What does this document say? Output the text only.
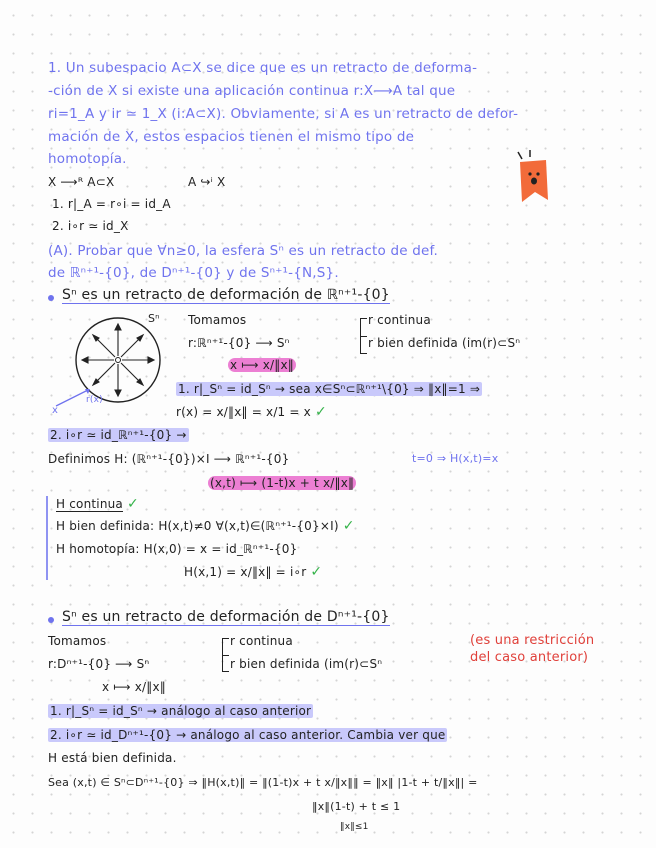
1. Un subespacio A⊂X se dice que es un retracto de deforma-
-ción de X si existe una aplicación continua r:X⟶A tal que
ri=1_A y ir ≃ 1_X (i:A⊂X). Obviamente, si A es un retracto de defor-
mación de X, estos espacios tienen el mismo tipo de
homotopía.
X ⟶ᴿ A⊂X	A ↪ⁱ X
1. r|_A = r∘i = id_A
2. i∘r ≃ id_X
(A). Probar que ∀n≥0, la esfera Sⁿ es un retracto de def.
de ℝⁿ⁺¹-{0}, de Dⁿ⁺¹-{0} y de Sⁿ⁺¹-{N,S}.
Sⁿ es un retracto de deformación de ℝⁿ⁺¹-{0}
Sⁿ
r(x)
x
Tomamos
r:ℝⁿ⁺¹-{0} ⟶ Sⁿ
x ⟼ x/‖x‖
r continua
r bien definida (im(r)⊂Sⁿ
1. r|_Sⁿ = id_Sⁿ → sea x∈Sⁿ⊂ℝⁿ⁺¹\{0} ⇒ ‖x‖=1 ⇒
r(x) = x/‖x‖ = x/1 = x ✓
2. i∘r ≃ id_ℝⁿ⁺¹-{0} →
Definimos H: (ℝⁿ⁺¹-{0})×I ⟶ ℝⁿ⁺¹-{0}
(x,t) ⟼ (1-t)x + t x/‖x‖
t=0 ⇒ H(x,t)=x
H continua ✓
H bien definida: H(x,t)≠0 ∀(x,t)∈(ℝⁿ⁺¹-{0}×I) ✓
H homotopía: H(x,0) = x = id_ℝⁿ⁺¹-{0}
H(x,1) = x/‖x‖ = i∘r ✓
Sⁿ es un retracto de deformación de Dⁿ⁺¹-{0}
Tomamos
r:Dⁿ⁺¹-{0} ⟶ Sⁿ
x ⟼ x/‖x‖
r continua
r bien definida (im(r)⊂Sⁿ
(es una restricción
del caso anterior)
1. r|_Sⁿ = id_Sⁿ → análogo al caso anterior
2. i∘r ≃ id_Dⁿ⁺¹-{0} → análogo al caso anterior. Cambia ver que
H está bien definida.
Sea (x,t) ∈ Sⁿ⊂Dⁿ⁺¹-{0} ⇒ ‖H(x,t)‖ = ‖(1-t)x + t x/‖x‖‖ = ‖x‖ |1-t + t/‖x‖| =
‖x‖(1-t) + t ≤ 1
‖x‖≤1
